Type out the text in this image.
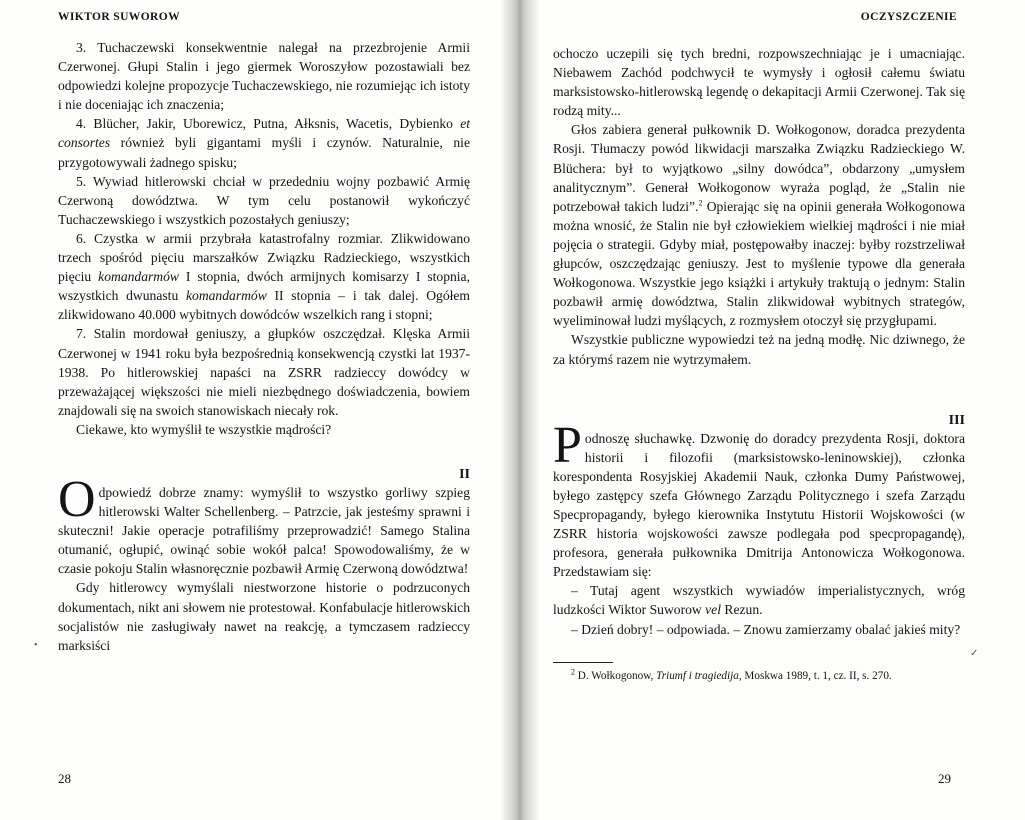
WIKTOR SUWOROW

3. Tuchaczewski konsekwentnie nalegał na przezbrojenie Armii Czerwonej. Głupi Stalin i jego giermek Woroszyłow pozostawiali bez odpowiedzi kolejne propozycje Tuchaczewskiego, nie rozumiejąc ich istoty i nie doceniając ich znaczenia;

4. Blücher, Jakir, Uborewicz, Putna, Ałksnis, Wacetis, Dybienko et consortes również byli gigantami myśli i czynów. Naturalnie, nie przygotowywali żadnego spisku;

5. Wywiad hitlerowski chciał w przededniu wojny pozbawić Armię Czerwoną dowództwa. W tym celu postanowił wykończyć Tuchaczewskiego i wszystkich pozostałych geniuszy;

6. Czystka w armii przybrała katastrofalny rozmiar. Zlikwidowano trzech spośród pięciu marszałków Związku Radzieckiego, wszystkich pięciu komandarmów I stopnia, dwóch armijnych komisarzy I stopnia, wszystkich dwunastu komandarmów II stopnia – i tak dalej. Ogółem zlikwidowano 40.000 wybitnych dowódców wszelkich rang i stopni;

7. Stalin mordował geniuszy, a głupków oszczędzał. Klęska Armii Czerwonej w 1941 roku była bezpośrednią konsekwencją czystki lat 1937-1938. Po hitlerowskiej napaści na ZSRR radzieccy dowódcy w przeważającej większości nie mieli niezbędnego doświadczenia, bowiem znajdowali się na swoich stanowiskach niecały rok.

Ciekawe, kto wymyślił te wszystkie mądrości?

II

Odpowiedź dobrze znamy: wymyślił to wszystko gorliwy szpieg hitlerowski Walter Schellenberg. – Patrzcie, jak jesteśmy sprawni i skuteczni! Jakie operacje potrafiliśmy przeprowadzić! Samego Stalina otumanić, ogłupić, owinąć sobie wokół palca! Spowodowaliśmy, że w czasie pokoju Stalin własnoręcznie pozbawił Armię Czerwoną dowództwa!

Gdy hitlerowcy wymyślali niestworzone historie o podrzuconych dokumentach, nikt ani słowem nie protestował. Konfabulacje hitlerowskich socjalistów nie zasługiwały nawet na reakcję, a tymczasem radzieccy marksiści

•
28
OCZYSZCZENIE

ochoczo uczepili się tych bredni, rozpowszechniając je i umacniając. Niebawem Zachód podchwycił te wymysły i ogłosił całemu światu marksistowsko-hitlerowską legendę o dekapitacji Armii Czerwonej. Tak się rodzą mity...

Głos zabiera generał pułkownik D. Wołkogonow, doradca prezydenta Rosji. Tłumaczy powód likwidacji marszałka Związku Radzieckiego W. Blüchera: był to wyjątkowo „silny dowódca”, obdarzony „umysłem analitycznym”. Generał Wołkogonow wyraża pogląd, że „Stalin nie potrzebował takich ludzi”.$^2$ Opierając się na opinii generała Wołkogonowa można wnosić, że Stalin nie był człowiekiem wielkiej mądrości i nie miał pojęcia o strategii. Gdyby miał, postępowałby inaczej: byłby rozstrzeliwał głupców, oszczędzając geniuszy. Jest to myślenie typowe dla generała Wołkogonowa. Wszystkie jego książki i artykuły traktują o jednym: Stalin pozbawił armię dowództwa, Stalin zlikwidował wybitnych strategów, wyeliminował ludzi myślących, z rozmysłem otoczył się przygłupami.

Wszystkie publiczne wypowiedzi też na jedną modłę. Nic dziwnego, że za którymś razem nie wytrzymałem.

III

Podnoszę słuchawkę. Dzwonię do doradcy prezydenta Rosji, doktora historii i filozofii (marksistowsko-leninowskiej), członka korespondenta Rosyjskiej Akademii Nauk, członka Dumy Państwowej, byłego zastępcy szefa Głównego Zarządu Politycznego i szefa Zarządu Specpropagandy, byłego kierownika Instytutu Historii Wojskowości (w ZSRR historia wojskowości zawsze podlegała pod specpropagandę), profesora, generała pułkownika Dmitrija Antonowicza Wołkogonowa. Przedstawiam się:

– Tutaj agent wszystkich wywiadów imperialistycznych, wróg ludzkości Wiktor Suworow vel Rezun.

– Dzień dobry! – odpowiada. – Znowu zamierzamy obalać jakieś mity?

$^2$ D. Wołkogonow, Triumf i tragiedija, Moskwa 1989, t. 1, cz. II, s. 270.

✓
29
